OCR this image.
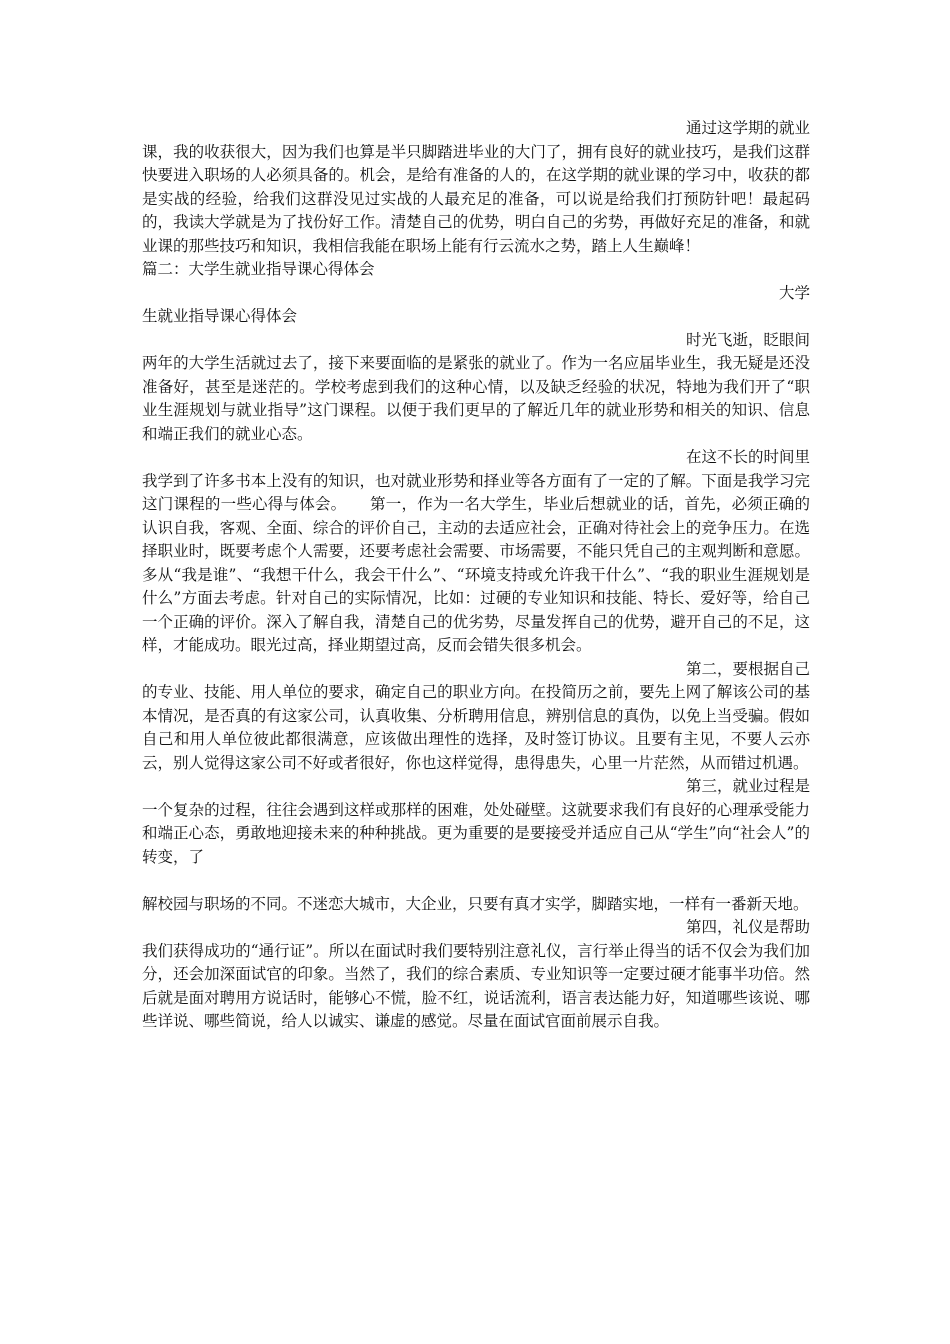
通过这学期的就业
课，我的收获很大，因为我们也算是半只脚踏进毕业的大门了，拥有良好的就业技巧，是我们这群快要进入职场的人必须具备的。机会，是给有准备的人的，在这学期的就业课的学习中，收获的都是实战的经验，给我们这群没见过实战的人最充足的准备，可以说是给我们打预防针吧！最起码的，我读大学就是为了找份好工作。清楚自己的优势，明白自己的劣势，再做好充足的准备，和就业课的那些技巧和知识，我相信我能在职场上能有行云流水之势，踏上人生巅峰！
篇二：大学生就业指导课心得体会
大学
生就业指导课心得体会
时光飞逝，眨眼间
两年的大学生活就过去了，接下来要面临的是紧张的就业了。作为一名应届毕业生，我无疑是还没准备好，甚至是迷茫的。学校考虑到我们的这种心情，以及缺乏经验的状况，特地为我们开了“职业生涯规划与就业指导”这门课程。以便于我们更早的了解近几年的就业形势和相关的知识、信息和端正我们的就业心态。
在这不长的时间里
我学到了许多书本上没有的知识，也对就业形势和择业等各方面有了一定的了解。下面是我学习完这门课程的一些心得与体会。　　第一，作为一名大学生，毕业后想就业的话，首先，必须正确的认识自我，客观、全面、综合的评价自己，主动的去适应社会，正确对待社会上的竞争压力。在选择职业时，既要考虑个人需要，还要考虑社会需要、市场需要，不能只凭自己的主观判断和意愿。多从“我是谁”、“我想干什么，我会干什么”、“环境支持或允许我干什么”、“我的职业生涯规划是什么”方面去考虑。针对自己的实际情况，比如：过硬的专业知识和技能、特长、爱好等，给自己一个正确的评价。深入了解自我，清楚自己的优劣势，尽量发挥自己的优势，避开自己的不足，这样，才能成功。眼光过高，择业期望过高，反而会错失很多机会。
第二，要根据自己
的专业、技能、用人单位的要求，确定自己的职业方向。在投简历之前，要先上网了解该公司的基本情况，是否真的有这家公司，认真收集、分析聘用信息，辨别信息的真伪，以免上当受骗。假如自己和用人单位彼此都很满意，应该做出理性的选择，及时签订协议。且要有主见，不要人云亦云，别人觉得这家公司不好或者很好，你也这样觉得，患得患失，心里一片茫然，从而错过机遇。
第三，就业过程是
一个复杂的过程，往往会遇到这样或那样的困难，处处碰壁。这就要求我们有良好的心理承受能力和端正心态，勇敢地迎接未来的种种挑战。更为重要的是要接受并适应自己从“学生”向“社会人”的转变，了
解校园与职场的不同。不迷恋大城市，大企业，只要有真才实学，脚踏实地，一样有一番新天地。
第四，礼仪是帮助
我们获得成功的“通行证”。所以在面试时我们要特别注意礼仪，言行举止得当的话不仅会为我们加分，还会加深面试官的印象。当然了，我们的综合素质、专业知识等一定要过硬才能事半功倍。然后就是面对聘用方说话时，能够心不慌，脸不红，说话流利，语言表达能力好，知道哪些该说、哪些详说、哪些简说，给人以诚实、谦虚的感觉。尽量在面试官面前展示自我。
